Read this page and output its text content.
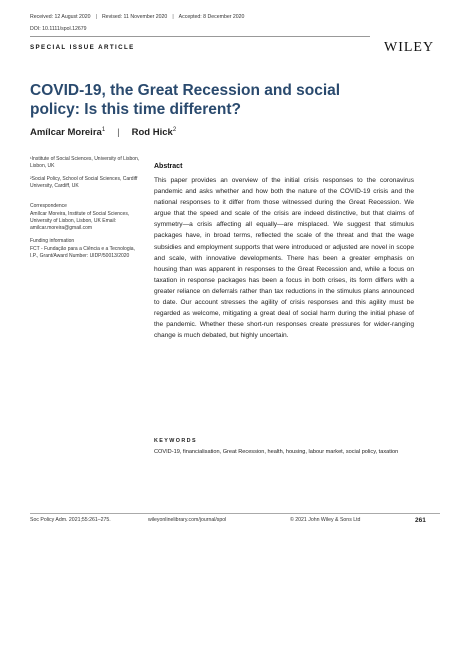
Received: 12 August 2020 | Revised: 11 November 2020 | Accepted: 8 December 2020
DOI: 10.1111/spol.12679
SPECIAL ISSUE ARTICLE	WILEY
COVID-19, the Great Recession and social policy: Is this time different?
Amílcar Moreira$^1$ | Rod Hick$^2$
¹Institute of Social Sciences, University of Lisbon, Lisbon, UK
²Social Policy, School of Social Sciences, Cardiff University, Cardiff, UK
Correspondence
Amílcar Moreira, Institute of Social Sciences, University of Lisbon, Lisbon, UK Email: amilcar.moreira@gmail.com
Funding information
FCT - Fundação para a Ciência e a Tecnologia, I.P., Grant/Award Number: UIDP/50013/2020
Abstract
This paper provides an overview of the initial crisis responses to the coronavirus pandemic and asks whether and how both the nature of the COVID-19 crisis and the national responses to it differ from those witnessed during the Great Recession. We argue that the speed and scale of the crisis are indeed distinctive, but that claims of symmetry—a crisis affecting all equally—are misplaced. We suggest that stimulus packages have, in broad terms, reflected the scale of the threat and that the wage subsidies and employment supports that were introduced or adjusted are novel in scope and scale, with innovative developments. There has been a greater emphasis on housing than was apparent in responses to the Great Recession and, while a focus on taxation in response packages has been a focus in both crises, its form differs with a greater reliance on deferrals rather than tax reductions in the stimulus plans announced to date. Our account stresses the agility of crisis responses and this agility must be regarded as welcome, mitigating a great deal of social harm during the initial phase of the pandemic. Whether these short-run responses create pressures for wider-ranging change is much debated, but highly uncertain.
KEYWORDS
COVID-19, financialisation, Great Recession, health, housing, labour market, social policy, taxation
Soc Policy Adm. 2021;55:261–275.	wileyonlinelibrary.com/journal/spol	© 2021 John Wiley & Sons Ltd	261
